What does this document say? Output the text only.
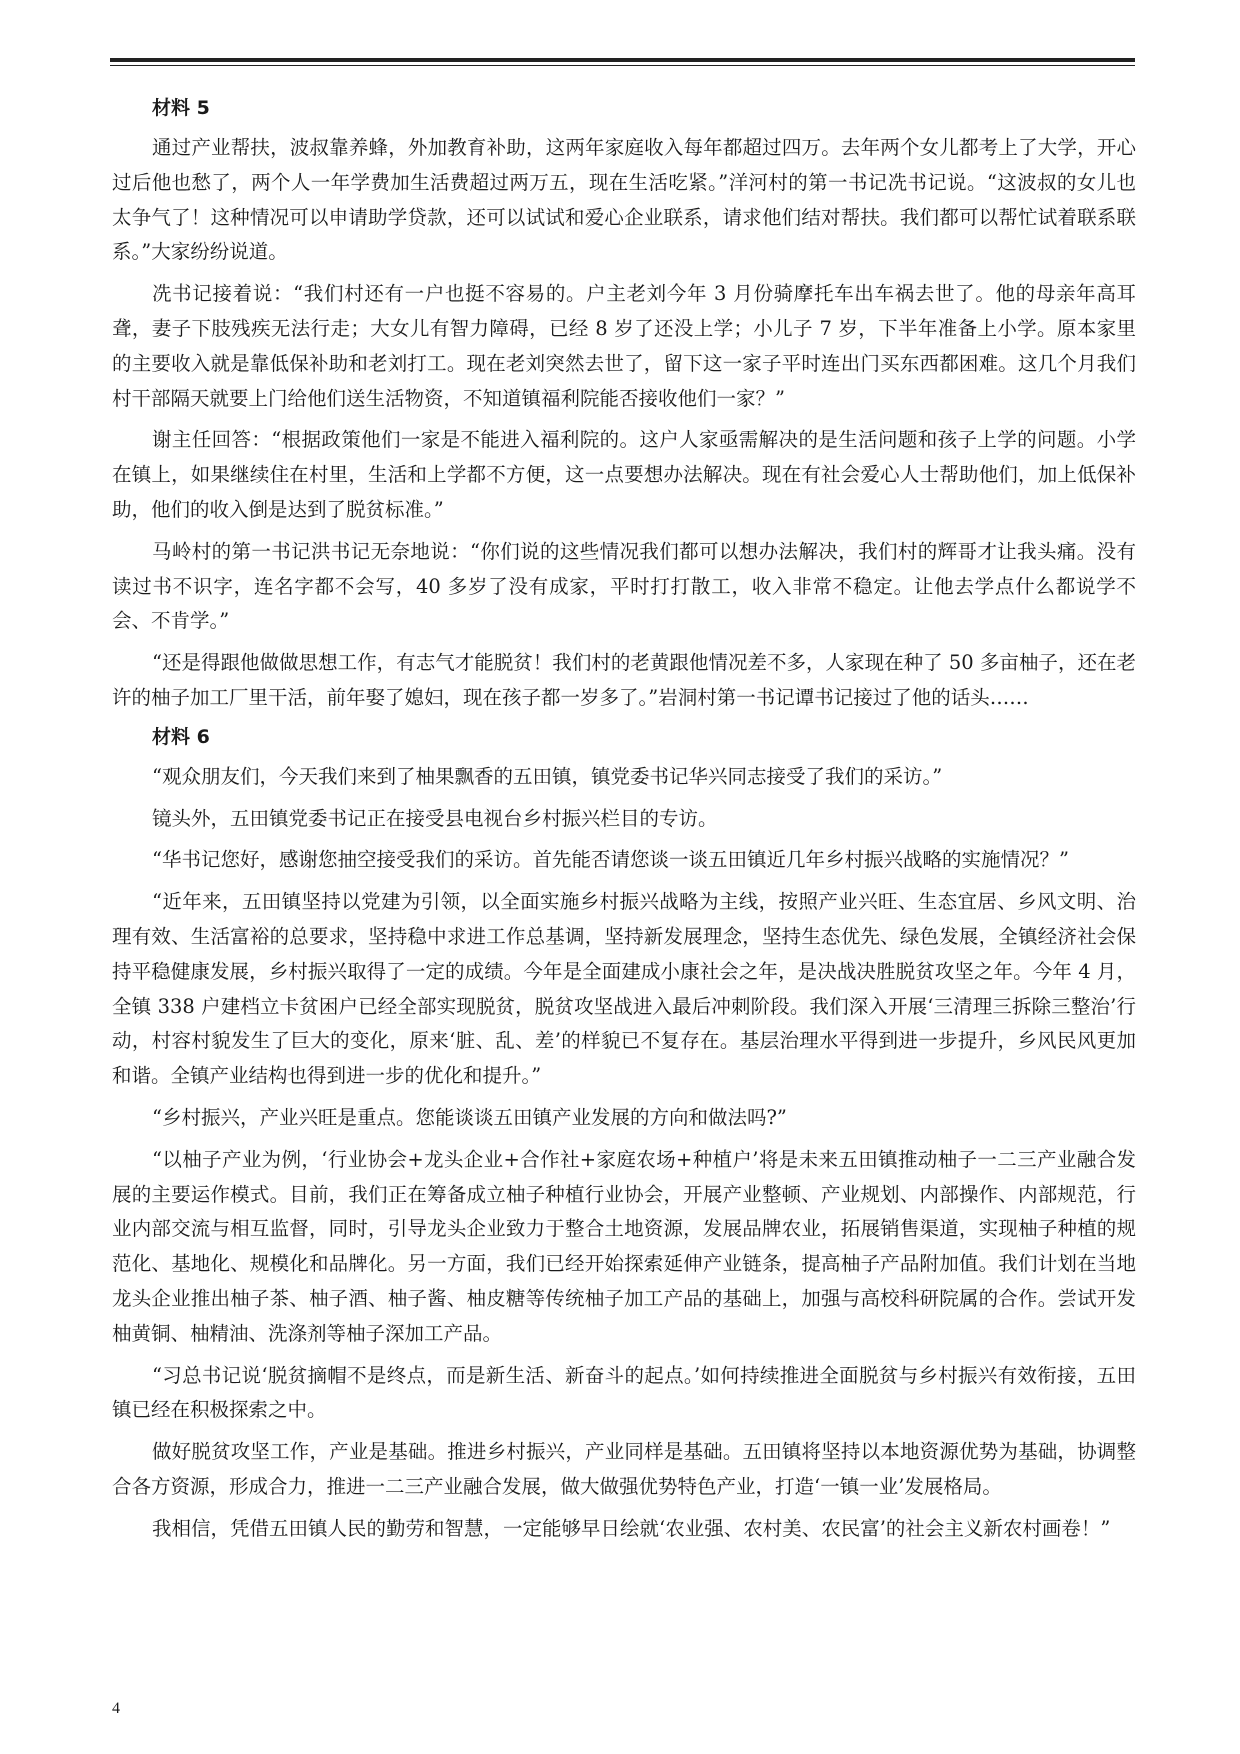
材料 5

通过产业帮扶，波叔靠养蜂，外加教育补助，这两年家庭收入每年都超过四万。去年两个女儿都考上了大学，开心过后他也愁了，两个人一年学费加生活费超过两万五，现在生活吃紧。”洋河村的第一书记冼书记说。“这波叔的女儿也太争气了！这种情况可以申请助学贷款，还可以试试和爱心企业联系，请求他们结对帮扶。我们都可以帮忙试着联系联系。”大家纷纷说道。

冼书记接着说：“我们村还有一户也挺不容易的。户主老刘今年 3 月份骑摩托车出车祸去世了。他的母亲年高耳聋，妻子下肢残疾无法行走；大女儿有智力障碍，已经 8 岁了还没上学；小儿子 7 岁，下半年准备上小学。原本家里的主要收入就是靠低保补助和老刘打工。现在老刘突然去世了，留下这一家子平时连出门买东西都困难。这几个月我们村干部隔天就要上门给他们送生活物资，不知道镇福利院能否接收他们一家？”

谢主任回答：“根据政策他们一家是不能进入福利院的。这户人家亟需解决的是生活问题和孩子上学的问题。小学在镇上，如果继续住在村里，生活和上学都不方便，这一点要想办法解决。现在有社会爱心人士帮助他们，加上低保补助，他们的收入倒是达到了脱贫标准。”

马岭村的第一书记洪书记无奈地说：“你们说的这些情况我们都可以想办法解决，我们村的辉哥才让我头痛。没有读过书不识字，连名字都不会写，40 多岁了没有成家，平时打打散工，收入非常不稳定。让他去学点什么都说学不会、不肯学。”

“还是得跟他做做思想工作，有志气才能脱贫！我们村的老黄跟他情况差不多，人家现在种了 50 多亩柚子，还在老许的柚子加工厂里干活，前年娶了媳妇，现在孩子都一岁多了。”岩洞村第一书记谭书记接过了他的话头……

材料 6

“观众朋友们，今天我们来到了柚果飘香的五田镇，镇党委书记华兴同志接受了我们的采访。”

镜头外，五田镇党委书记正在接受县电视台乡村振兴栏目的专访。

“华书记您好，感谢您抽空接受我们的采访。首先能否请您谈一谈五田镇近几年乡村振兴战略的实施情况？”

“近年来，五田镇坚持以党建为引领，以全面实施乡村振兴战略为主线，按照产业兴旺、生态宜居、乡风文明、治理有效、生活富裕的总要求，坚持稳中求进工作总基调，坚持新发展理念，坚持生态优先、绿色发展，全镇经济社会保持平稳健康发展，乡村振兴取得了一定的成绩。今年是全面建成小康社会之年，是决战决胜脱贫攻坚之年。今年 4 月，全镇 338 户建档立卡贫困户已经全部实现脱贫，脱贫攻坚战进入最后冲刺阶段。我们深入开展‘三清理三拆除三整治’行动，村容村貌发生了巨大的变化，原来‘脏、乱、差’的样貌已不复存在。基层治理水平得到进一步提升，乡风民风更加和谐。全镇产业结构也得到进一步的优化和提升。”

“乡村振兴，产业兴旺是重点。您能谈谈五田镇产业发展的方向和做法吗?”

“以柚子产业为例，‘行业协会+龙头企业+合作社+家庭农场+种植户’将是未来五田镇推动柚子一二三产业融合发展的主要运作模式。目前，我们正在筹备成立柚子种植行业协会，开展产业整顿、产业规划、内部操作、内部规范，行业内部交流与相互监督，同时，引导龙头企业致力于整合土地资源，发展品牌农业，拓展销售渠道，实现柚子种植的规范化、基地化、规模化和品牌化。另一方面，我们已经开始探索延伸产业链条，提高柚子产品附加值。我们计划在当地龙头企业推出柚子茶、柚子酒、柚子酱、柚皮糖等传统柚子加工产品的基础上，加强与高校科研院属的合作。尝试开发柚黄铜、柚精油、洗涤剂等柚子深加工产品。

“习总书记说‘脱贫摘帽不是终点，而是新生活、新奋斗的起点。’如何持续推进全面脱贫与乡村振兴有效衔接，五田镇已经在积极探索之中。

做好脱贫攻坚工作，产业是基础。推进乡村振兴，产业同样是基础。五田镇将坚持以本地资源优势为基础，协调整合各方资源，形成合力，推进一二三产业融合发展，做大做强优势特色产业，打造‘一镇一业’发展格局。

我相信，凭借五田镇人民的勤劳和智慧，一定能够早日绘就‘农业强、农村美、农民富’的社会主义新农村画卷！”

4
